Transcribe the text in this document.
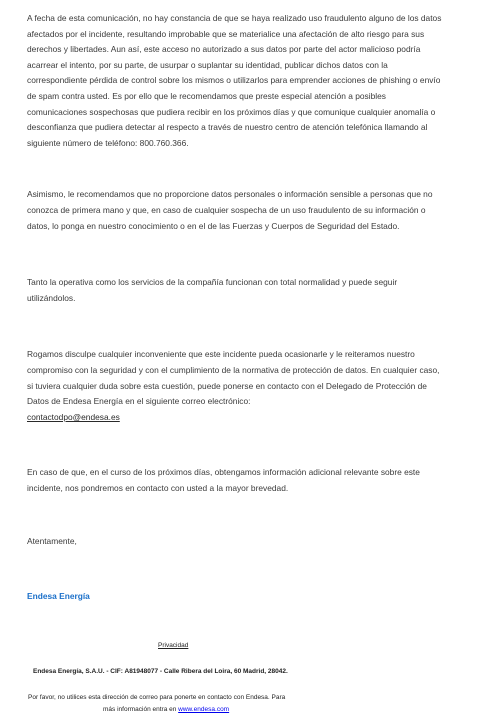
A fecha de esta comunicación, no hay constancia de que se haya realizado uso fraudulento alguno de los datos afectados por el incidente, resultando improbable que se materialice una afectación de alto riesgo para sus derechos y libertades. Aun así, este acceso no autorizado a sus datos por parte del actor malicioso podría acarrear el intento, por su parte, de usurpar o suplantar su identidad, publicar dichos datos con la correspondiente pérdida de control sobre los mismos o utilizarlos para emprender acciones de phishing o envío de spam contra usted. Es por ello que le recomendamos que preste especial atención a posibles comunicaciones sospechosas que pudiera recibir en los próximos días y que comunique cualquier anomalía o desconfianza que pudiera detectar al respecto a través de nuestro centro de atención telefónica llamando al siguiente número de teléfono: 800.760.366.

Asimismo, le recomendamos que no proporcione datos personales o información sensible a personas que no conozca de primera mano y que, en caso de cualquier sospecha de un uso fraudulento de su información o datos, lo ponga en nuestro conocimiento o en el de las Fuerzas y Cuerpos de Seguridad del Estado.

Tanto la operativa como los servicios de la compañía funcionan con total normalidad y puede seguir utilizándolos.

Rogamos disculpe cualquier inconveniente que este incidente pueda ocasionarle y le reiteramos nuestro compromiso con la seguridad y con el cumplimiento de la normativa de protección de datos. En cualquier caso, si tuviera cualquier duda sobre esta cuestión, puede ponerse en contacto con el Delegado de Protección de Datos de Endesa Energía en el siguiente correo electrónico:
contactodpo@endesa.es

En caso de que, en el curso de los próximos días, obtengamos información adicional relevante sobre este incidente, nos pondremos en contacto con usted a la mayor brevedad.

Atentamente,

Endesa Energía

Privacidad
Endesa Energía, S.A.U. - CIF: A81948077 - Calle Ribera del Loira, 60 Madrid, 28042.
Por favor, no utilices esta dirección de correo para ponerte en contacto con Endesa. Para
más información entra en www.endesa.com
